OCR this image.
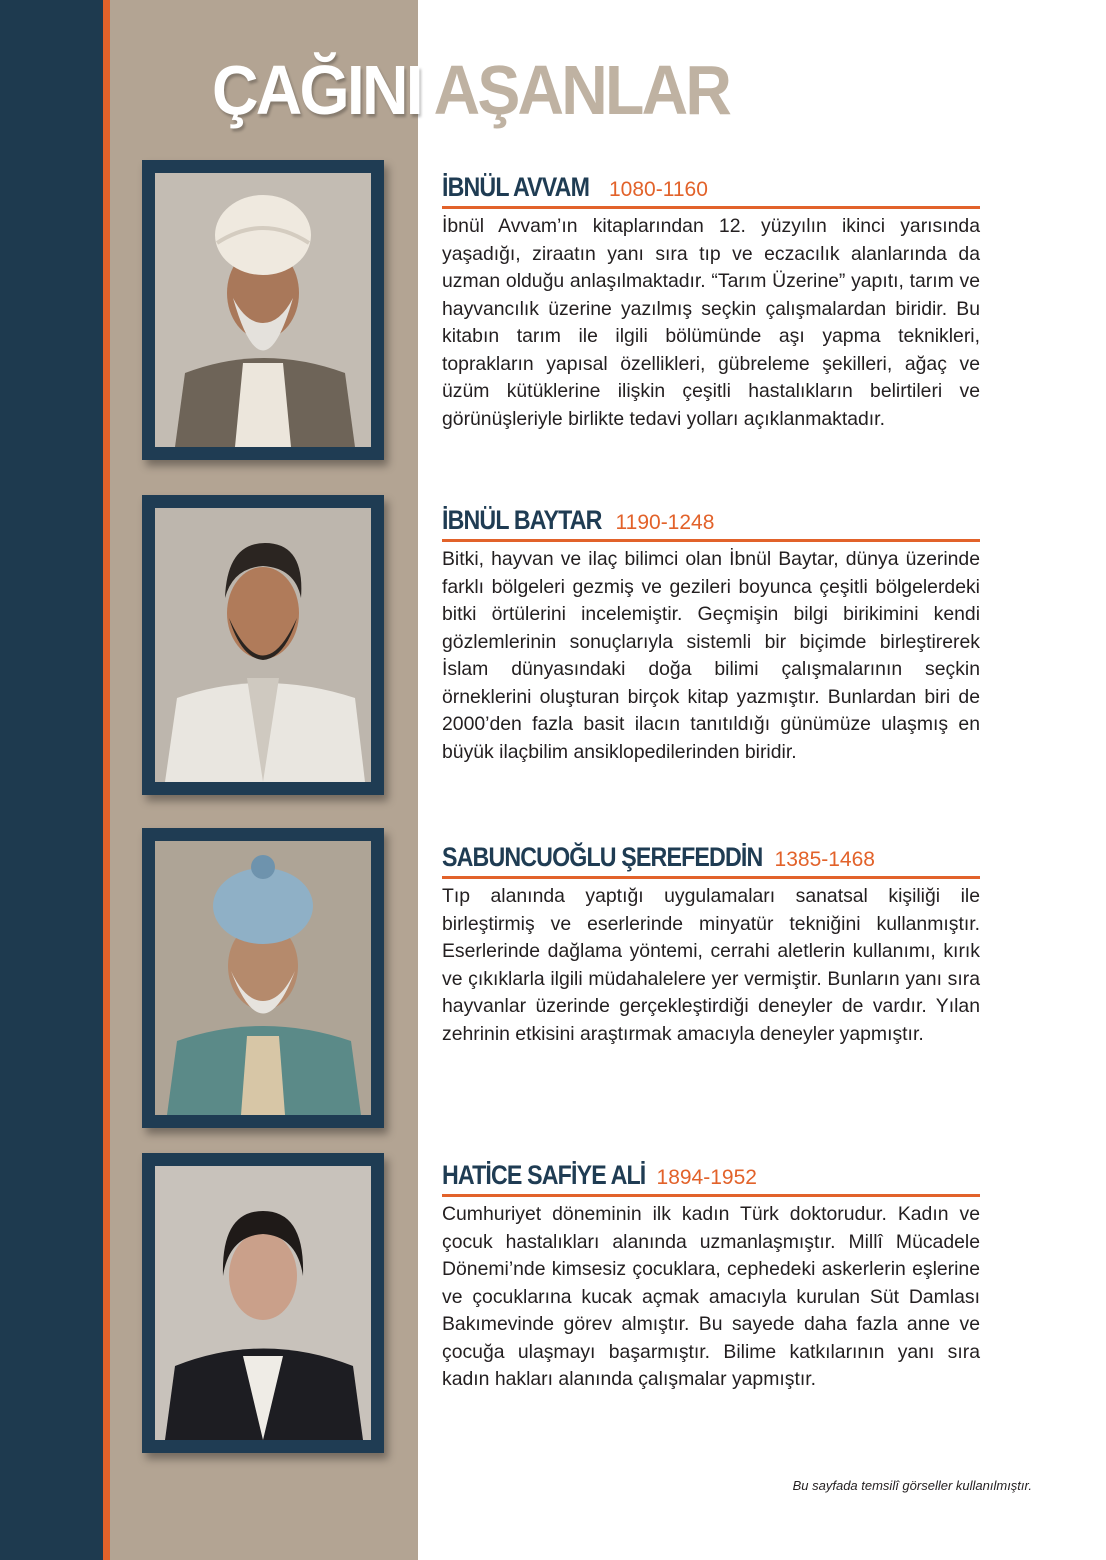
ÇAĞINI AŞANLAR
İBNÜL AVVAM 1080-1160

İbnül Avvam’ın kitaplarından 12. yüzyılın ikinci yarısında yaşadığı, ziraatın yanı sıra tıp ve eczacılık alanlarında da uzman olduğu anlaşılmaktadır. “Tarım Üzerine” yapıtı, tarım ve hayvancılık üzerine yazılmış seçkin çalışmalardan biridir. Bu kitabın tarım ile ilgili bölümünde aşı yapma teknikleri, toprakların yapısal özellikleri, gübreleme şekilleri, ağaç ve üzüm kütüklerine ilişkin çeşitli hastalıkların belirtileri ve görünüşleriyle birlikte tedavi yolları açıklanmaktadır.

İBNÜL BAYTAR 1190-1248

Bitki, hayvan ve ilaç bilimci olan İbnül Baytar, dünya üzerinde farklı bölgeleri gezmiş ve gezileri boyunca çeşitli bölgelerdeki bitki örtülerini incelemiştir. Geçmişin bilgi birikimini kendi gözlemlerinin sonuçlarıyla sistemli bir biçimde birleştirerek İslam dünyasındaki doğa bilimi çalışmalarının seçkin örneklerini oluşturan birçok kitap yazmıştır. Bunlardan biri de 2000’den fazla basit ilacın tanıtıldığı günümüze ulaşmış en büyük ilaçbilim ansiklopedilerinden biridir.

SABUNCUOĞLU ŞEREFEDDİN 1385-1468

Tıp alanında yaptığı uygulamaları sanatsal kişiliği ile birleştirmiş ve eserlerinde minyatür tekniğini kullanmıştır. Eserlerinde dağlama yöntemi, cerrahi aletlerin kullanımı, kırık ve çıkıklarla ilgili müdahalelere yer vermiştir. Bunların yanı sıra hayvanlar üzerinde gerçekleştirdiği deneyler de vardır. Yılan zehrinin etkisini araştırmak amacıyla deneyler yapmıştır.

HATİCE SAFİYE ALİ 1894-1952

Cumhuriyet döneminin ilk kadın Türk doktorudur. Kadın ve çocuk hastalıkları alanında uzmanlaşmıştır. Millî Mücadele Dönemi’nde kimsesiz çocuklara, cephedeki askerlerin eşlerine ve çocuklarına kucak açmak amacıyla kurulan Süt Damlası Bakımevinde görev almıştır. Bu sayede daha fazla anne ve çocuğa ulaşmayı başarmıştır. Bilime katkılarının yanı sıra kadın hakları alanında çalışmalar yapmıştır.

Bu sayfada temsilî görseller kullanılmıştır.
